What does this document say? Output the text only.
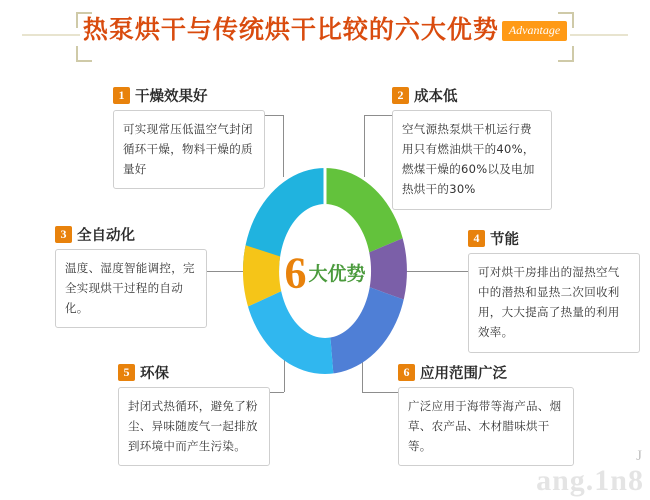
热泵烘干与传统烘干比较的六大优势 Advantage
6 大优势
1 干燥效果好
可实现常压低温空气封闭循环干燥，物料干燥的质量好
2 成本低
空气源热泵烘干机运行费用只有燃油烘干的40%，燃煤干燥的60%以及电加热烘干的30%
3 全自动化
温度、湿度智能调控，完全实现烘干过程的自动化。
4 节能
可对烘干房排出的湿热空气中的潜热和显热二次回收利用，大大提高了热量的利用效率。
5 环保
封闭式热循环，避免了粉尘、异味随废气一起排放到环境中而产生污染。
6 应用范围广泛
广泛应用于海带等海产品、烟草、农产品、木材腊味烘干等。
ang.1n8
J
